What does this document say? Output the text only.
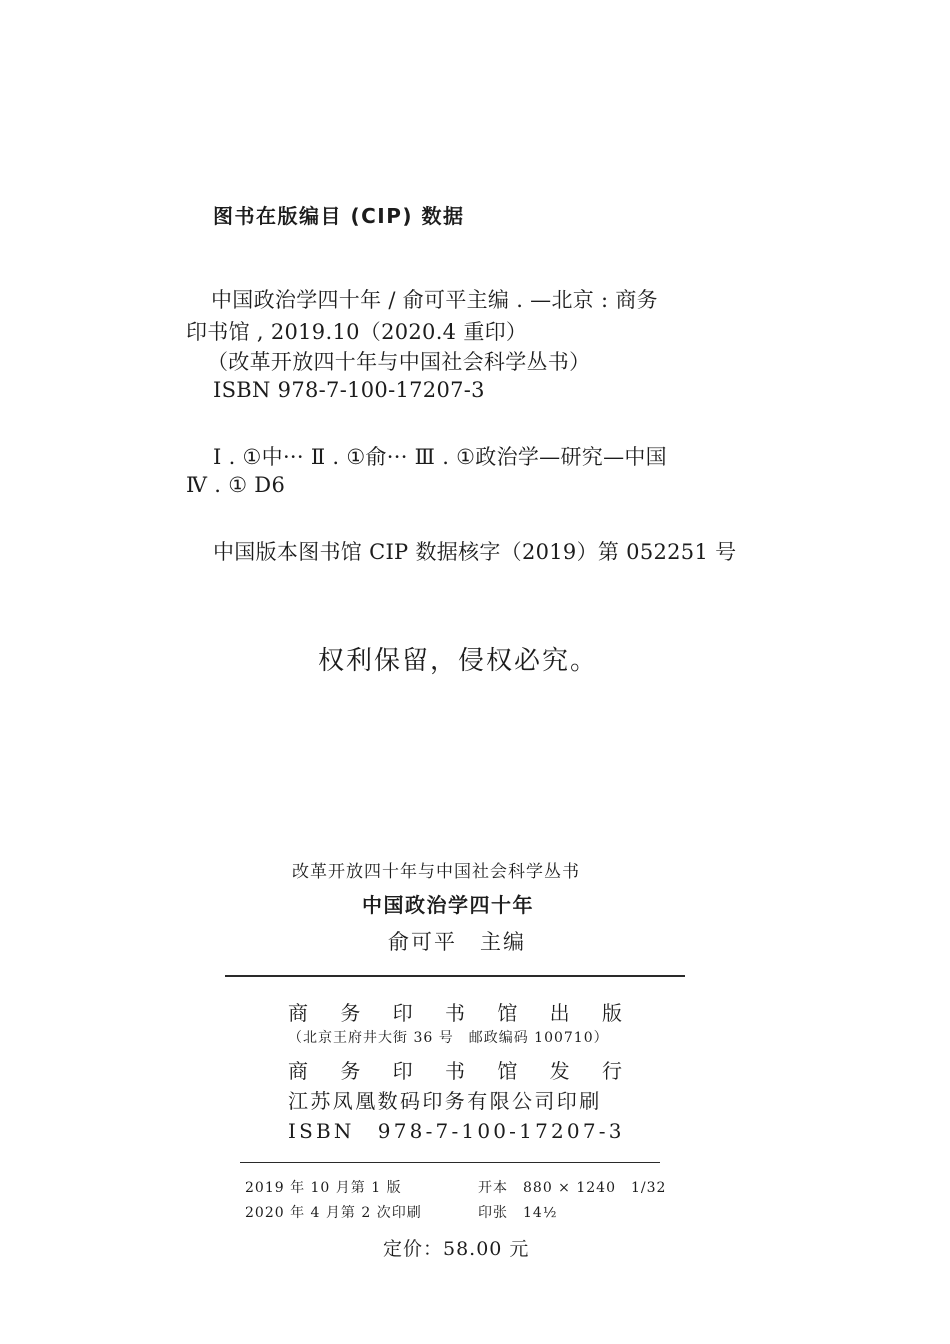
图书在版编目 (CIP) 数据
中国政治学四十年 / 俞可平主编 . —北京 : 商务
印书馆 , 2019.10（2020.4 重印）
（改革开放四十年与中国社会科学丛书）
ISBN 978-7-100-17207-3
Ⅰ . ①中··· Ⅱ . ①俞··· Ⅲ . ①政治学—研究—中国
Ⅳ . ① D6
中国版本图书馆 CIP 数据核字（2019）第 052251 号
权利保留，侵权必究。
改革开放四十年与中国社会科学丛书
中国政治学四十年
俞可平　主编
商 务 印 书 馆 出 版
（北京王府井大街 36 号　邮政编码 100710）
商 务 印 书 馆 发 行
江苏凤凰数码印务有限公司印刷
ISBN　978-7-100-17207-3
2019 年 10 月第 1 版	开本　880 × 1240　1/32
2020 年 4 月第 2 次印刷	印张　14½
定价：58.00 元
